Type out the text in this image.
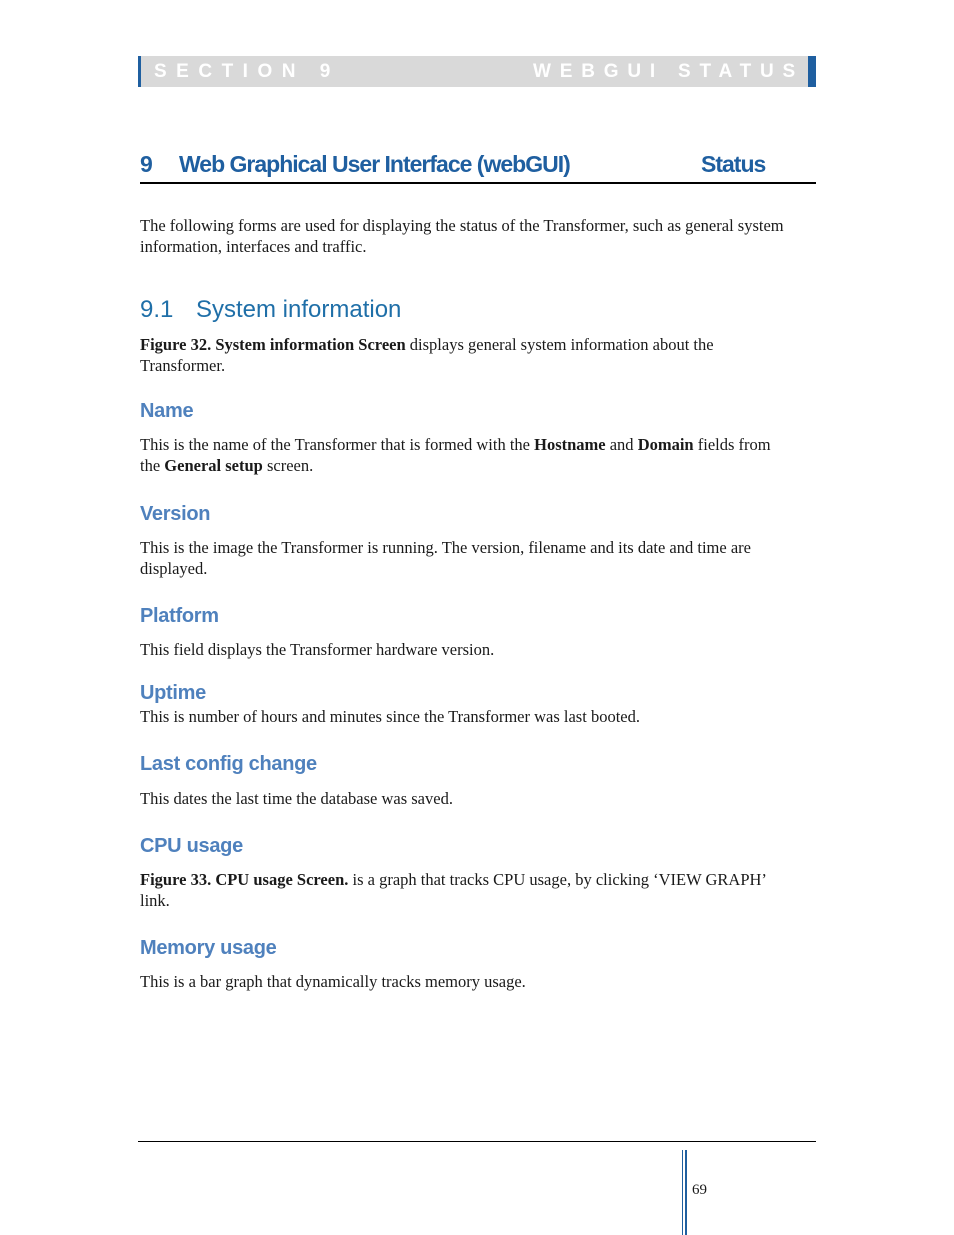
SECTION 9	WEBGUI STATUS
9 Web Graphical User Interface (webGUI)	Status

The following forms are used for displaying the status of the Transformer, such as general system
information, interfaces and traffic.

9.1 System information

Figure 32. System information Screen displays general system information about the
Transformer.

Name

This is the name of the Transformer that is formed with the Hostname and Domain fields from
the General setup screen.

Version

This is the image the Transformer is running. The version, filename and its date and time are
displayed.

Platform

This field displays the Transformer hardware version.

Uptime

This is number of hours and minutes since the Transformer was last booted.

Last config change

This dates the last time the database was saved.

CPU usage

Figure 33. CPU usage Screen. is a graph that tracks CPU usage, by clicking ‘VIEW GRAPH’
link.

Memory usage

This is a bar graph that dynamically tracks memory usage.

69
